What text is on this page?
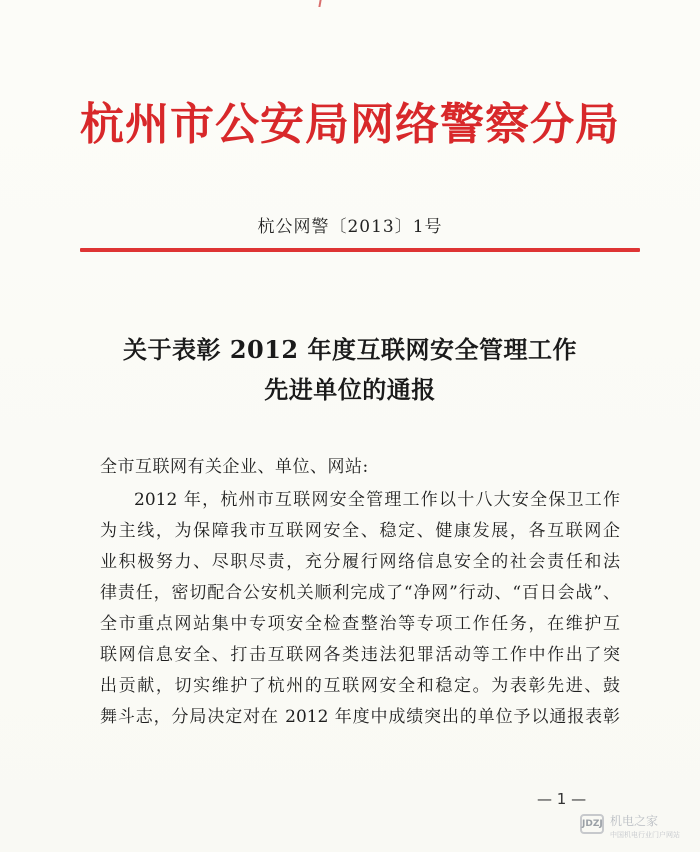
杭州市公安局网络警察分局
杭公网警〔2013〕1号
关于表彰 2012 年度互联网安全管理工作
先进单位的通报
全市互联网有关企业、单位、网站:
2012 年，杭州市互联网安全管理工作以十八大安全保卫工作
为主线，为保障我市互联网安全、稳定、健康发展，各互联网企
业积极努力、尽职尽责，充分履行网络信息安全的社会责任和法
律责任，密切配合公安机关顺利完成了“净网”行动、“百日会战”、
全市重点网站集中专项安全检查整治等专项工作任务，在维护互
联网信息安全、打击互联网各类违法犯罪活动等工作中作出了突
出贡献，切实维护了杭州的互联网安全和稳定。为表彰先进、鼓
舞斗志，分局决定对在 2012 年度中成绩突出的单位予以通报表彰
— 1 —
JDZJ 机电之家
中国机电行业门户网站
